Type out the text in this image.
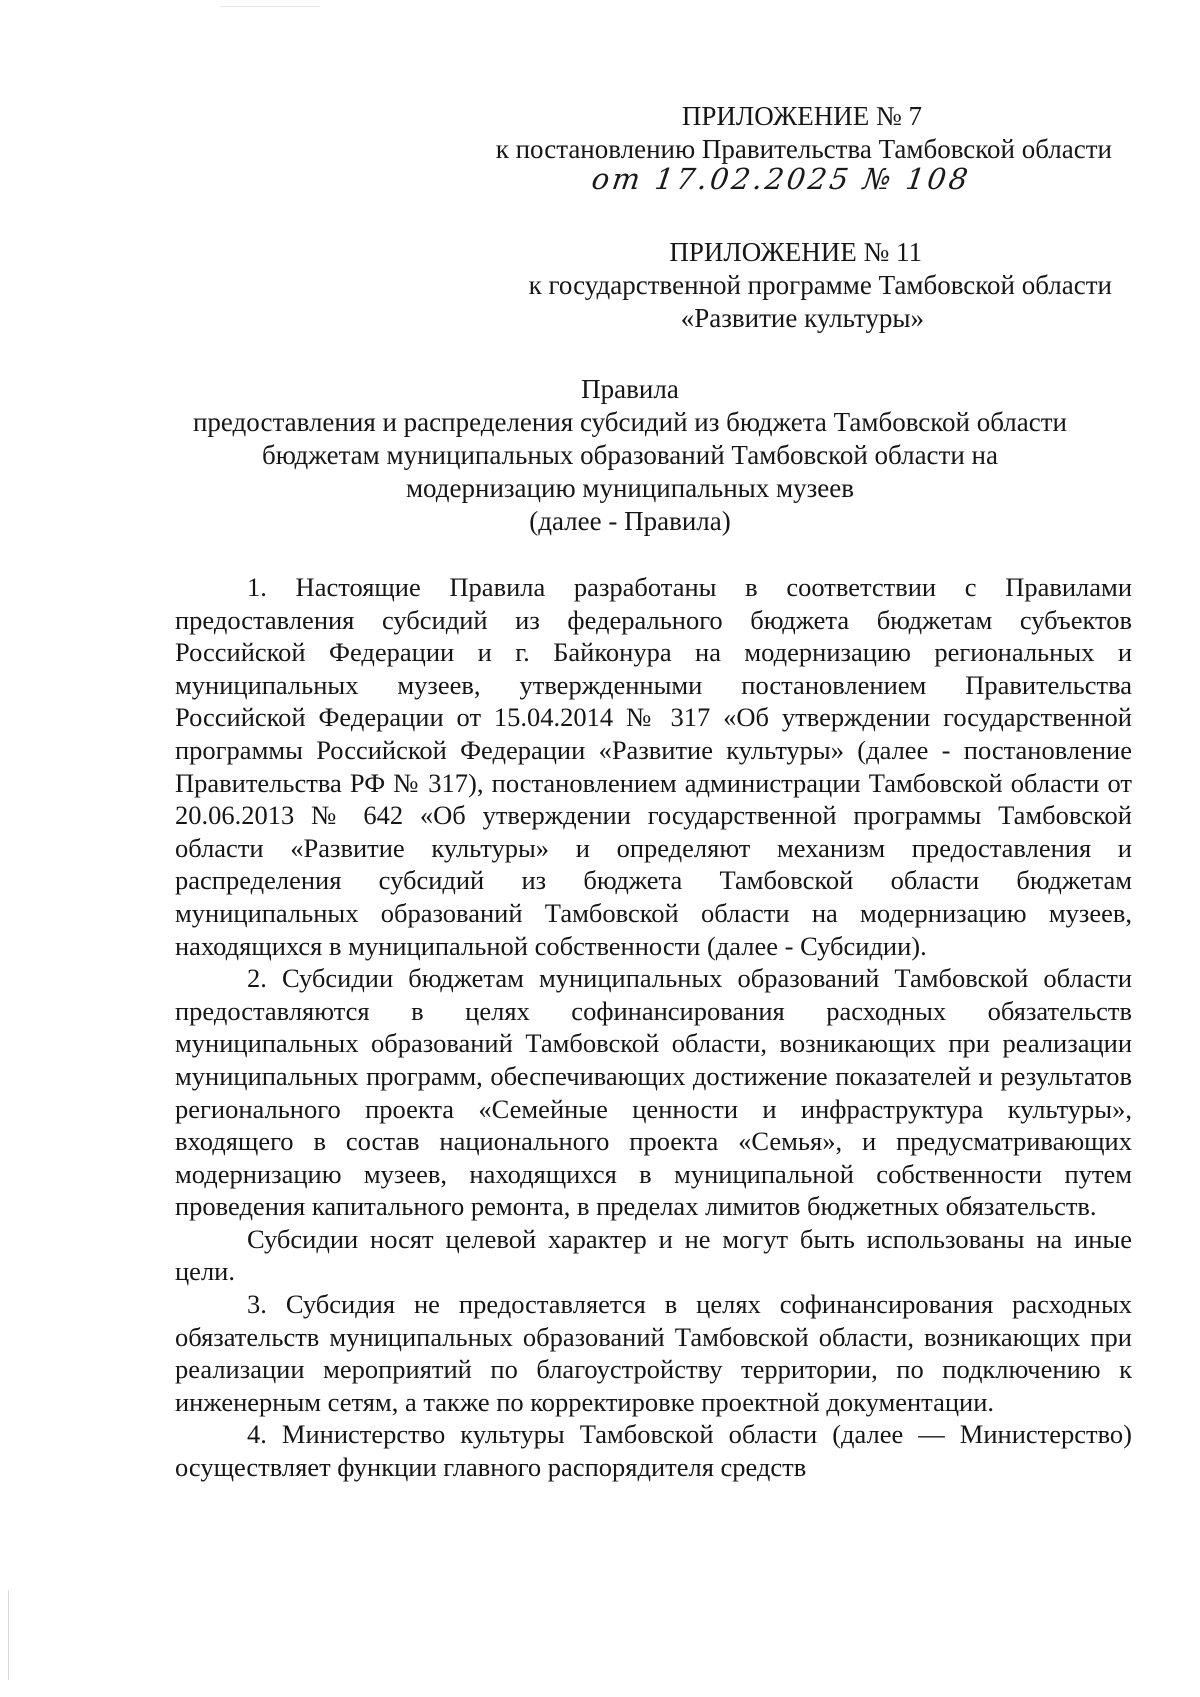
ПРИЛОЖЕНИЕ № 7
к постановлению Правительства Тамбовской области
от 17.02.2025 № 108
ПРИЛОЖЕНИЕ № 11
к государственной программе Тамбовской области
«Развитие культуры»
Правила
предоставления и распределения субсидий из бюджета Тамбовской области
бюджетам муниципальных образований Тамбовской области на
модернизацию муниципальных музеев
(далее - Правила)

1. Настоящие Правила разработаны в соответствии с Правилами предоставления субсидий из федерального бюджета бюджетам субъектов Российской Федерации и г. Байконура на модернизацию региональных и муниципальных музеев, утвержденными постановлением Правительства Российской Федерации от 15.04.2014 № 317 «Об утверждении государственной программы Российской Федерации «Развитие культуры» (далее - постановление Правительства РФ № 317), постановлением администрации Тамбовской области от 20.06.2013 № 642 «Об утверждении государственной программы Тамбовской области «Развитие культуры» и определяют механизм предоставления и распределения субсидий из бюджета Тамбовской области бюджетам муниципальных образований Тамбовской области на модернизацию музеев, находящихся в муниципальной собственности (далее - Субсидии).

2. Субсидии бюджетам муниципальных образований Тамбовской области предоставляются в целях софинансирования расходных обязательств муниципальных образований Тамбовской области, возникающих при реализации муниципальных программ, обеспечивающих достижение показателей и результатов регионального проекта «Семейные ценности и инфраструктура культуры», входящего в состав национального проекта «Семья», и предусматривающих модернизацию музеев, находящихся в муниципальной собственности путем проведения капитального ремонта, в пределах лимитов бюджетных обязательств.

Субсидии носят целевой характер и не могут быть использованы на иные цели.

3. Субсидия не предоставляется в целях софинансирования расходных обязательств муниципальных образований Тамбовской области, возникающих при реализации мероприятий по благоустройству территории, по подключению к инженерным сетям, а также по корректировке проектной документации.

4. Министерство культуры Тамбовской области (далее — Министерство) осуществляет функции главного распорядителя средств
